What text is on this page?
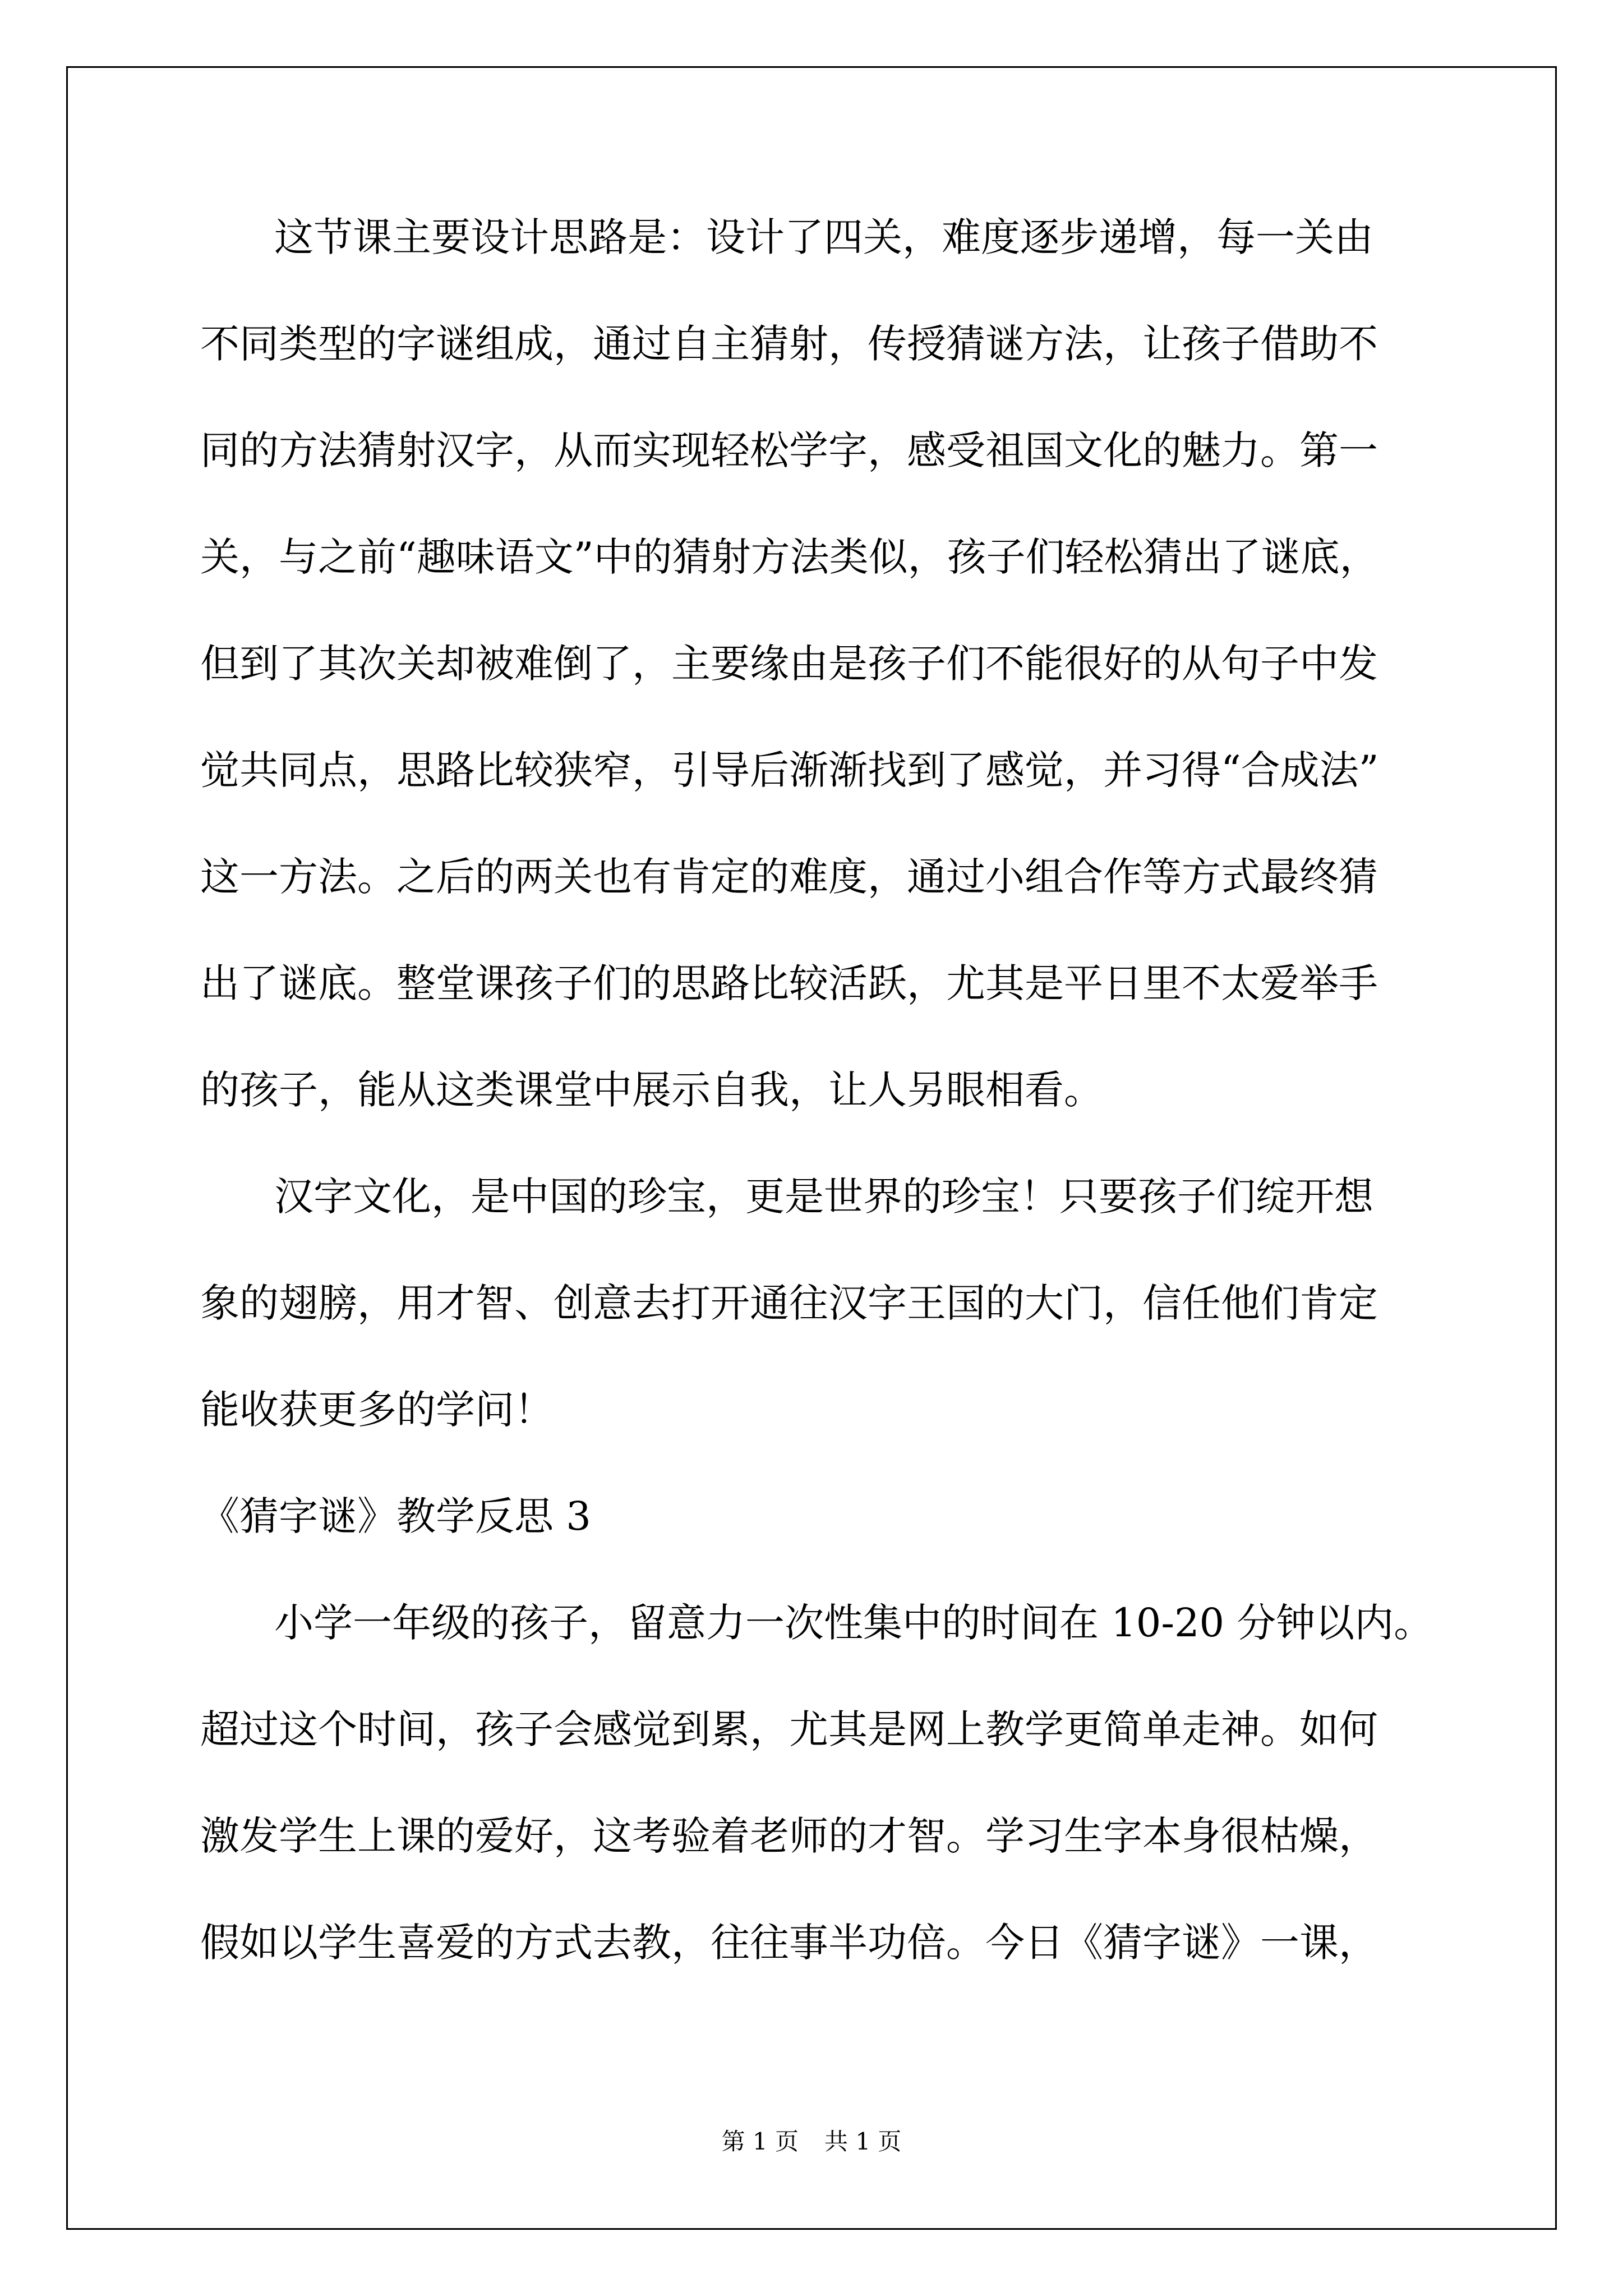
这节课主要设计思路是：设计了四关，难度逐步递增，每一关由

不同类型的字谜组成，通过自主猜射，传授猜谜方法，让孩子借助不

同的方法猜射汉字，从而实现轻松学字，感受祖国文化的魅力。第一

关，与之前“趣味语文”中的猜射方法类似，孩子们轻松猜出了谜底，

但到了其次关却被难倒了，主要缘由是孩子们不能很好的从句子中发

觉共同点，思路比较狭窄，引导后渐渐找到了感觉，并习得“合成法”

这一方法。之后的两关也有肯定的难度，通过小组合作等方式最终猜

出了谜底。整堂课孩子们的思路比较活跃，尤其是平日里不太爱举手

的孩子，能从这类课堂中展示自我，让人另眼相看。

汉字文化，是中国的珍宝，更是世界的珍宝！只要孩子们绽开想

象的翅膀，用才智、创意去打开通往汉字王国的大门，信任他们肯定

能收获更多的学问！

《猜字谜》教学反思 3

小学一年级的孩子，留意力一次性集中的时间在 10-20 分钟以内。

超过这个时间，孩子会感觉到累，尤其是网上教学更简单走神。如何

激发学生上课的爱好，这考验着老师的才智。学习生字本身很枯燥，

假如以学生喜爱的方式去教，往往事半功倍。今日《猜字谜》一课，

第 1 页 共 1 页
